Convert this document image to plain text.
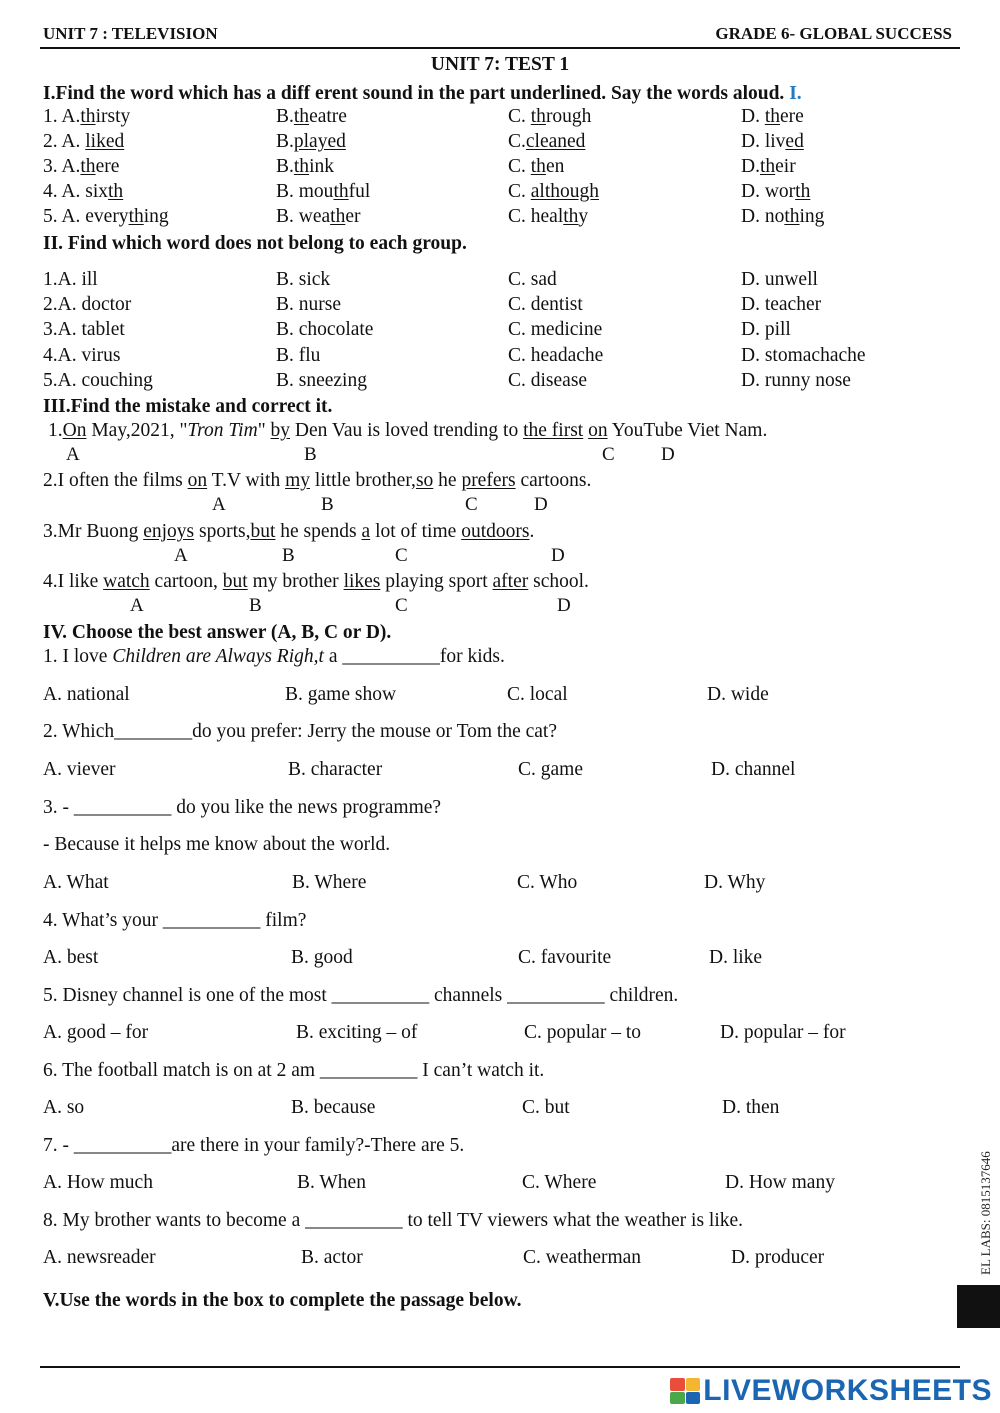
UNIT 7 : TELEVISION	GRADE 6- GLOBAL SUCCESS
UNIT 7: TEST 1
I.Find the word which has a diff erent sound in the part underlined. Say the words aloud. I.
1. A.thirsty	B.theatre	C. through	D. there
2. A. liked	B.played	C.cleaned	D. lived
3. A.there	B.think	C. then	D.their
4. A. sixth	B. mouthful	C. although	D. worth
5. A. everything	B. weather	C. healthy	D. nothing
II. Find which word does not belong to each group.
1.A. ill	B. sick	C. sad	D. unwell
2.A. doctor	B. nurse	C. dentist	D. teacher
3.A. tablet	B. chocolate	C. medicine	D. pill
4.A. virus	B. flu	C. headache	D. stomachache
5.A. couching	B. sneezing	C. disease	D. runny nose
III.Find the mistake and correct it.
1.On May,2021, "Tron Tim" by Den Vau is loved trending to the first on YouTube Viet Nam.
A	B	C D
2.I often the films on T.V with my little brother,so he prefers cartoons.
A	B	C	D
3.Mr Buong enjoys sports,but he spends a lot of time outdoors.
A	B	C	D
4.I like watch cartoon, but my brother likes playing sport after school.
A	B	C	D
IV. Choose the best answer (A, B, C or D).
1. I love Children are Always Righ,t a __________for kids.
A. national	B. game show	C. local	D. wide
2. Which________do you prefer: Jerry the mouse or Tom the cat?
A. viever	B. character	C. game	D. channel
3. - __________ do you like the news programme?
- Because it helps me know about the world.
A. What	B. Where	C. Who	D. Why
4. What’s your __________ film?
A. best	B. good	C. favourite	D. like
5. Disney channel is one of the most __________ channels __________ children.
A. good – for	B. exciting – of	C. popular – to	D. popular – for
6. The football match is on at 2 am __________ I can’t watch it.
A. so	B. because	C. but	D. then
7. - __________are there in your family?-There are 5.
A. How much	B. When	C. Where	D. How many
8. My brother wants to become a __________ to tell TV viewers what the weather is like.
A. newsreader	B. actor	C. weatherman	D. producer
V.Use the words in the box to complete the passage below.
EL LABS: 0815137646
LIVEWORKSHEETS
